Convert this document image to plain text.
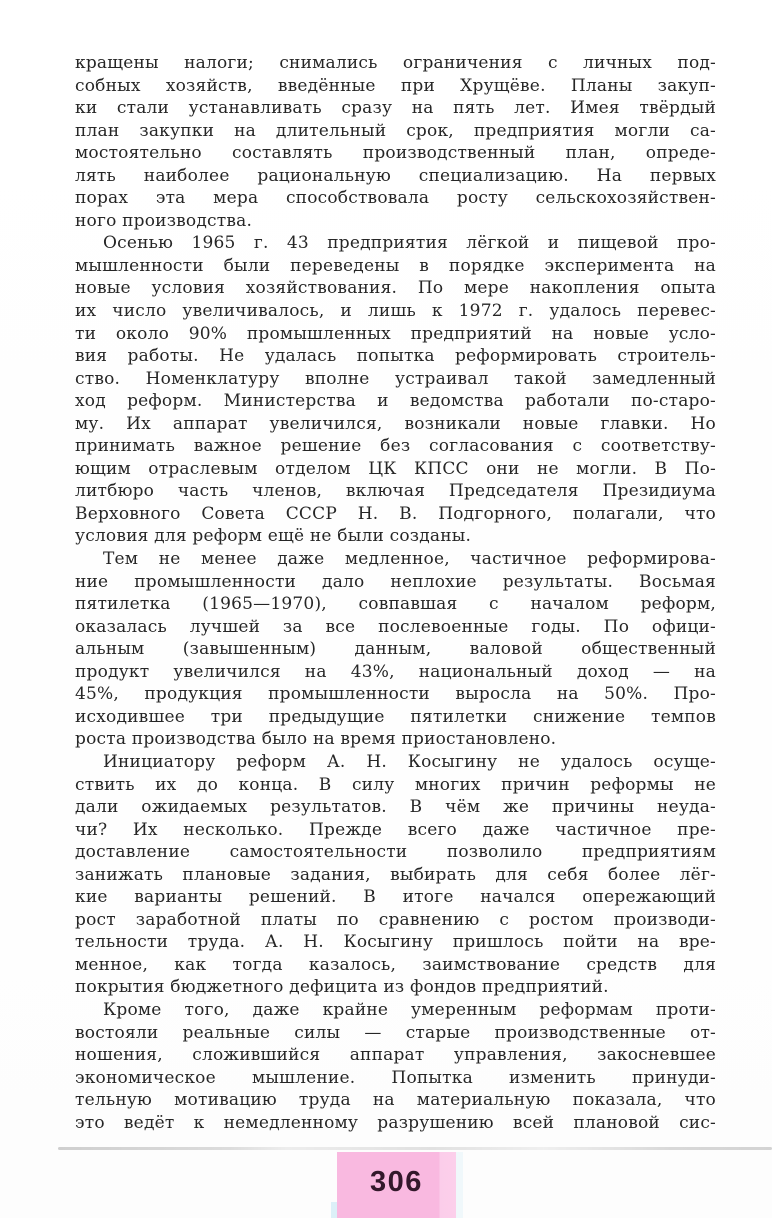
кращены налоги; снимались ограничения с личных под-
собных хозяйств, введённые при Хрущёве. Планы закуп-
ки стали устанавливать сразу на пять лет. Имея твёрдый
план закупки на длительный срок, предприятия могли са-
мостоятельно составлять производственный план, опреде-
лять наиболее рациональную специализацию. На первых
порах эта мера способствовала росту сельскохозяйствен-
ного производства.
Осенью 1965 г. 43 предприятия лёгкой и пищевой про-
мышленности были переведены в порядке эксперимента на
новые условия хозяйствования. По мере накопления опыта
их число увеличивалось, и лишь к 1972 г. удалось перевес-
ти около 90% промышленных предприятий на новые усло-
вия работы. Не удалась попытка реформировать строитель-
ство. Номенклатуру вполне устраивал такой замедленный
ход реформ. Министерства и ведомства работали по-старо-
му. Их аппарат увеличился, возникали новые главки. Но
принимать важное решение без согласования с соответству-
ющим отраслевым отделом ЦК КПСС они не могли. В По-
литбюро часть членов, включая Председателя Президиума
Верховного Совета СССР Н. В. Подгорного, полагали, что
условия для реформ ещё не были созданы.
Тем не менее даже медленное, частичное реформирова-
ние промышленности дало неплохие результаты. Восьмая
пятилетка (1965—1970), совпавшая с началом реформ,
оказалась лучшей за все послевоенные годы. По офици-
альным (завышенным) данным, валовой общественный
продукт увеличился на 43%, национальный доход — на
45%, продукция промышленности выросла на 50%. Про-
исходившее три предыдущие пятилетки снижение темпов
роста производства было на время приостановлено.
Инициатору реформ А. Н. Косыгину не удалось осуще-
ствить их до конца. В силу многих причин реформы не
дали ожидаемых результатов. В чём же причины неуда-
чи? Их несколько. Прежде всего даже частичное пре-
доставление самостоятельности позволило предприятиям
занижать плановые задания, выбирать для себя более лёг-
кие варианты решений. В итоге начался опережающий
рост заработной платы по сравнению с ростом производи-
тельности труда. А. Н. Косыгину пришлось пойти на вре-
менное, как тогда казалось, заимствование средств для
покрытия бюджетного дефицита из фондов предприятий.
Кроме того, даже крайне умеренным реформам проти-
востояли реальные силы — старые производственные от-
ношения, сложившийся аппарат управления, закосневшее
экономическое мышление. Попытка изменить принуди-
тельную мотивацию труда на материальную показала, что
это ведёт к немедленному разрушению всей плановой сис-
306
